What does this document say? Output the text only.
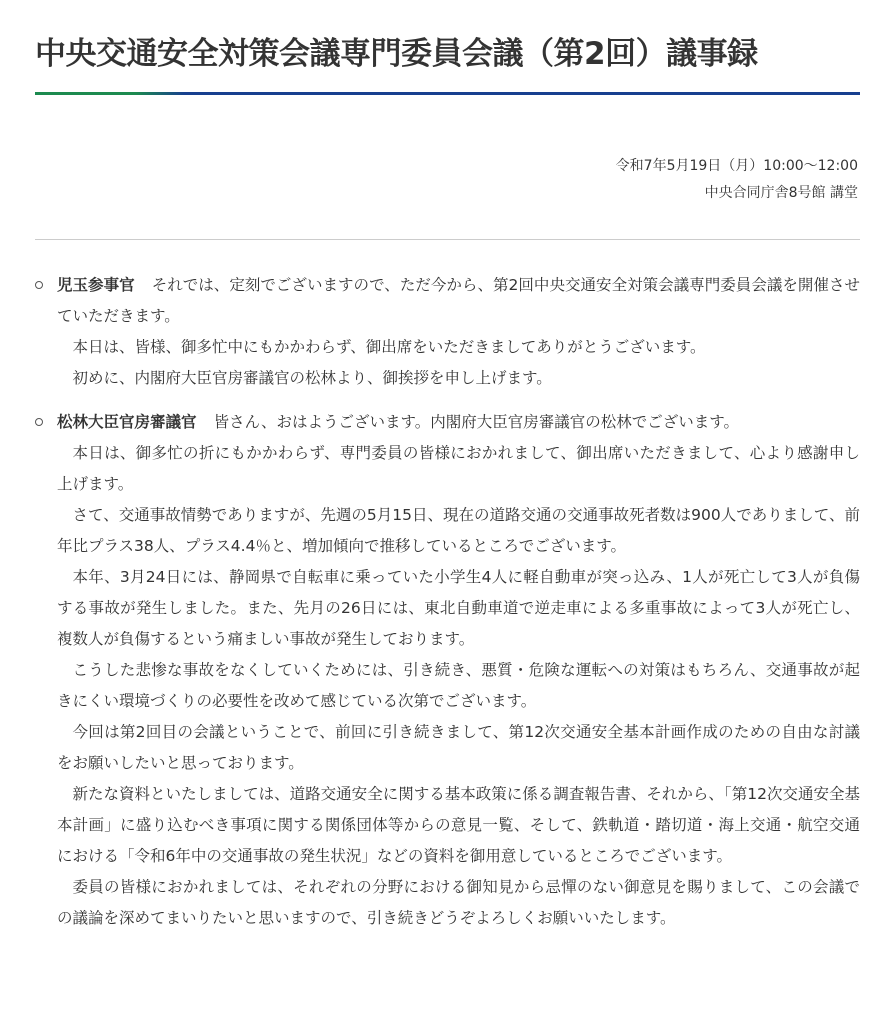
中央交通安全対策会議専門委員会議（第2回）議事録
令和7年5月19日（月）10:00～12:00
中央合同庁舎8号館 講堂

児玉参事官 それでは、定刻でございますので、ただ今から、第2回中央交通安全対策会議専門委員会議を開催させていただきます。

本日は、皆様、御多忙中にもかかわらず、御出席をいただきましてありがとうございます。

初めに、内閣府大臣官房審議官の松林より、御挨拶を申し上げます。

松林大臣官房審議官 皆さん、おはようございます。内閣府大臣官房審議官の松林でございます。

本日は、御多忙の折にもかかわらず、専門委員の皆様におかれまして、御出席いただきまして、心より感謝申し上げます。

さて、交通事故情勢でありますが、先週の5月15日、現在の道路交通の交通事故死者数は900人でありまして、前年比プラス38人、プラス4.4％と、増加傾向で推移しているところでございます。

本年、3月24日には、静岡県で自転車に乗っていた小学生4人に軽自動車が突っ込み、1人が死亡して3人が負傷する事故が発生しました。また、先月の26日には、東北自動車道で逆走車による多重事故によって3人が死亡し、複数人が負傷するという痛ましい事故が発生しております。

こうした悲惨な事故をなくしていくためには、引き続き、悪質・危険な運転への対策はもちろん、交通事故が起きにくい環境づくりの必要性を改めて感じている次第でございます。

今回は第2回目の会議ということで、前回に引き続きまして、第12次交通安全基本計画作成のための自由な討議をお願いしたいと思っております。

新たな資料といたしましては、道路交通安全に関する基本政策に係る調査報告書、それから、「第12次交通安全基本計画」に盛り込むべき事項に関する関係団体等からの意見一覧、そして、鉄軌道・踏切道・海上交通・航空交通における「令和6年中の交通事故の発生状況」などの資料を御用意しているところでございます。

委員の皆様におかれましては、それぞれの分野における御知見から忌憚のない御意見を賜りまして、この会議での議論を深めてまいりたいと思いますので、引き続きどうぞよろしくお願いいたします。
